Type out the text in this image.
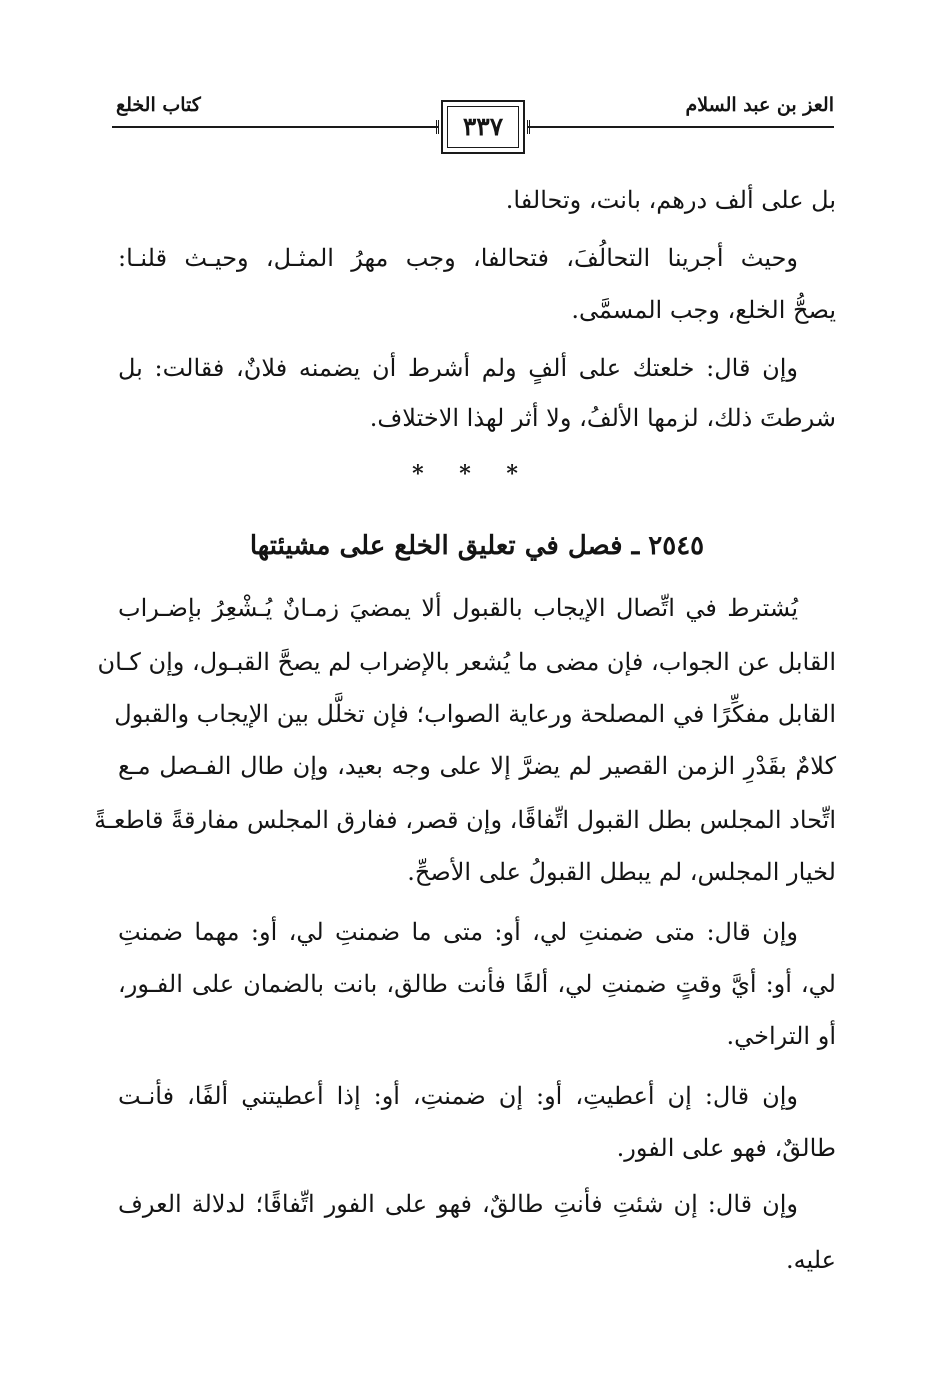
كتاب الخلع
٣٣٧
العز بن عبد السلام
بل على ألف درهم، بانت، وتحالفا.
وحيث أجرينا التحالُفَ، فتحالفا، وجب مهرُ المثـل، وحيـث قلنـا:
يصحُّ الخلع، وجب المسمَّى.
وإن قال: خلعتك على ألفٍ ولم أشرط أن يضمنه فلانٌ، فقالت: بل
شرطتَ ذلك، لزمها الألفُ، ولا أثر لهذا الاختلاف.
* * *
٢٥٤٥ ـ فصل في تعليق الخلع على مشيئتها
يُشترط في اتِّصال الإيجاب بالقبول ألا يمضيَ زمـانٌ يُـشْعِرُ بإضـراب
القابل عن الجواب، فإن مضى ما يُشعر بالإضراب لم يصحَّ القبـول، وإن كـان
القابل مفكِّرًا في المصلحة ورعاية الصواب؛ فإن تخلَّل بين الإيجاب والقبول
كلامٌ بقَدْرِ الزمن القصير لم يضرَّ إلا على وجه بعيد، وإن طال الفـصل مـع
اتِّحاد المجلس بطل القبول اتِّفاقًا، وإن قصر، ففارق المجلس مفارقةً قاطعـةً
لخيار المجلس، لم يبطل القبولُ على الأصحِّ.
وإن قال: متى ضمنتِ لي، أو: متى ما ضمنتِ لي، أو: مهما ضمنتِ
لي، أو: أيَّ وقتٍ ضمنتِ لي، ألفًا فأنت طالق، بانت بالضمان على الفـور،
أو التراخي.
وإن قال: إن أعطيتِ، أو: إن ضمنتِ، أو: إذا أعطيتني ألفًا، فأنـت
طالقٌ، فهو على الفور.
وإن قال: إن شئتِ فأنتِ طالقٌ، فهو على الفور اتِّفاقًا؛ لدلالة العرف
عليه.
